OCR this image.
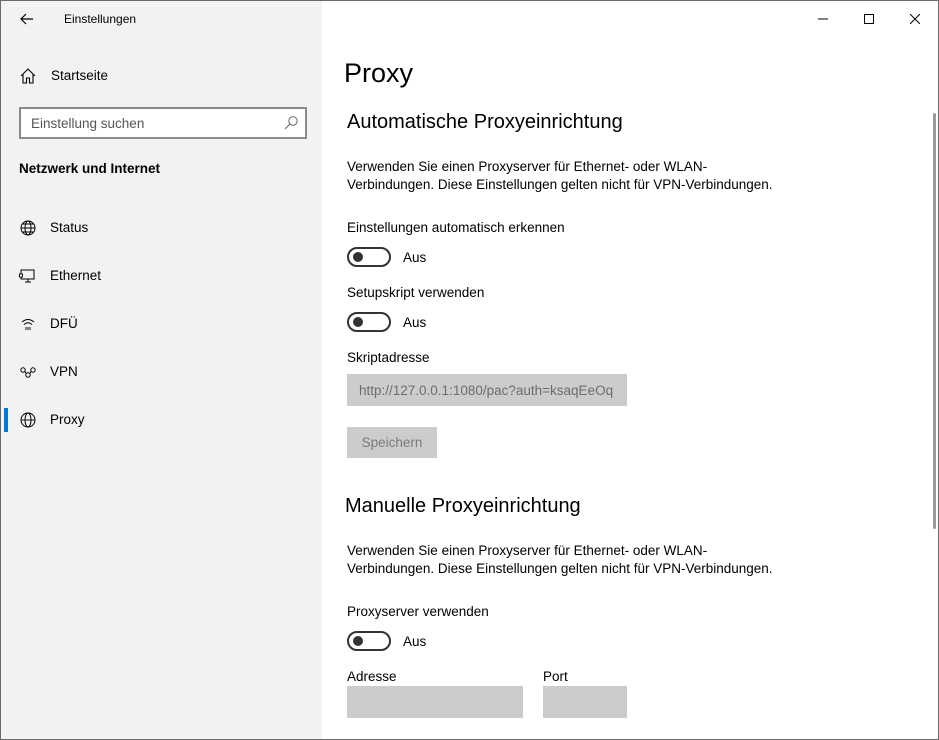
Einstellungen
Startseite
Einstellung suchen
Netzwerk und Internet
Status
Ethernet
DFÜ
VPN
Proxy
Proxy
Automatische Proxyeinrichtung
Verwenden Sie einen Proxyserver für Ethernet- oder WLAN-
Verbindungen. Diese Einstellungen gelten nicht für VPN-Verbindungen.
Einstellungen automatisch erkennen
Aus
Setupskript verwenden
Aus
Skriptadresse
http://127.0.0.1:1080/pac?auth=ksaqEeOq
Speichern
Manuelle Proxyeinrichtung
Verwenden Sie einen Proxyserver für Ethernet- oder WLAN-
Verbindungen. Diese Einstellungen gelten nicht für VPN-Verbindungen.
Proxyserver verwenden
Aus
Adresse	Port
